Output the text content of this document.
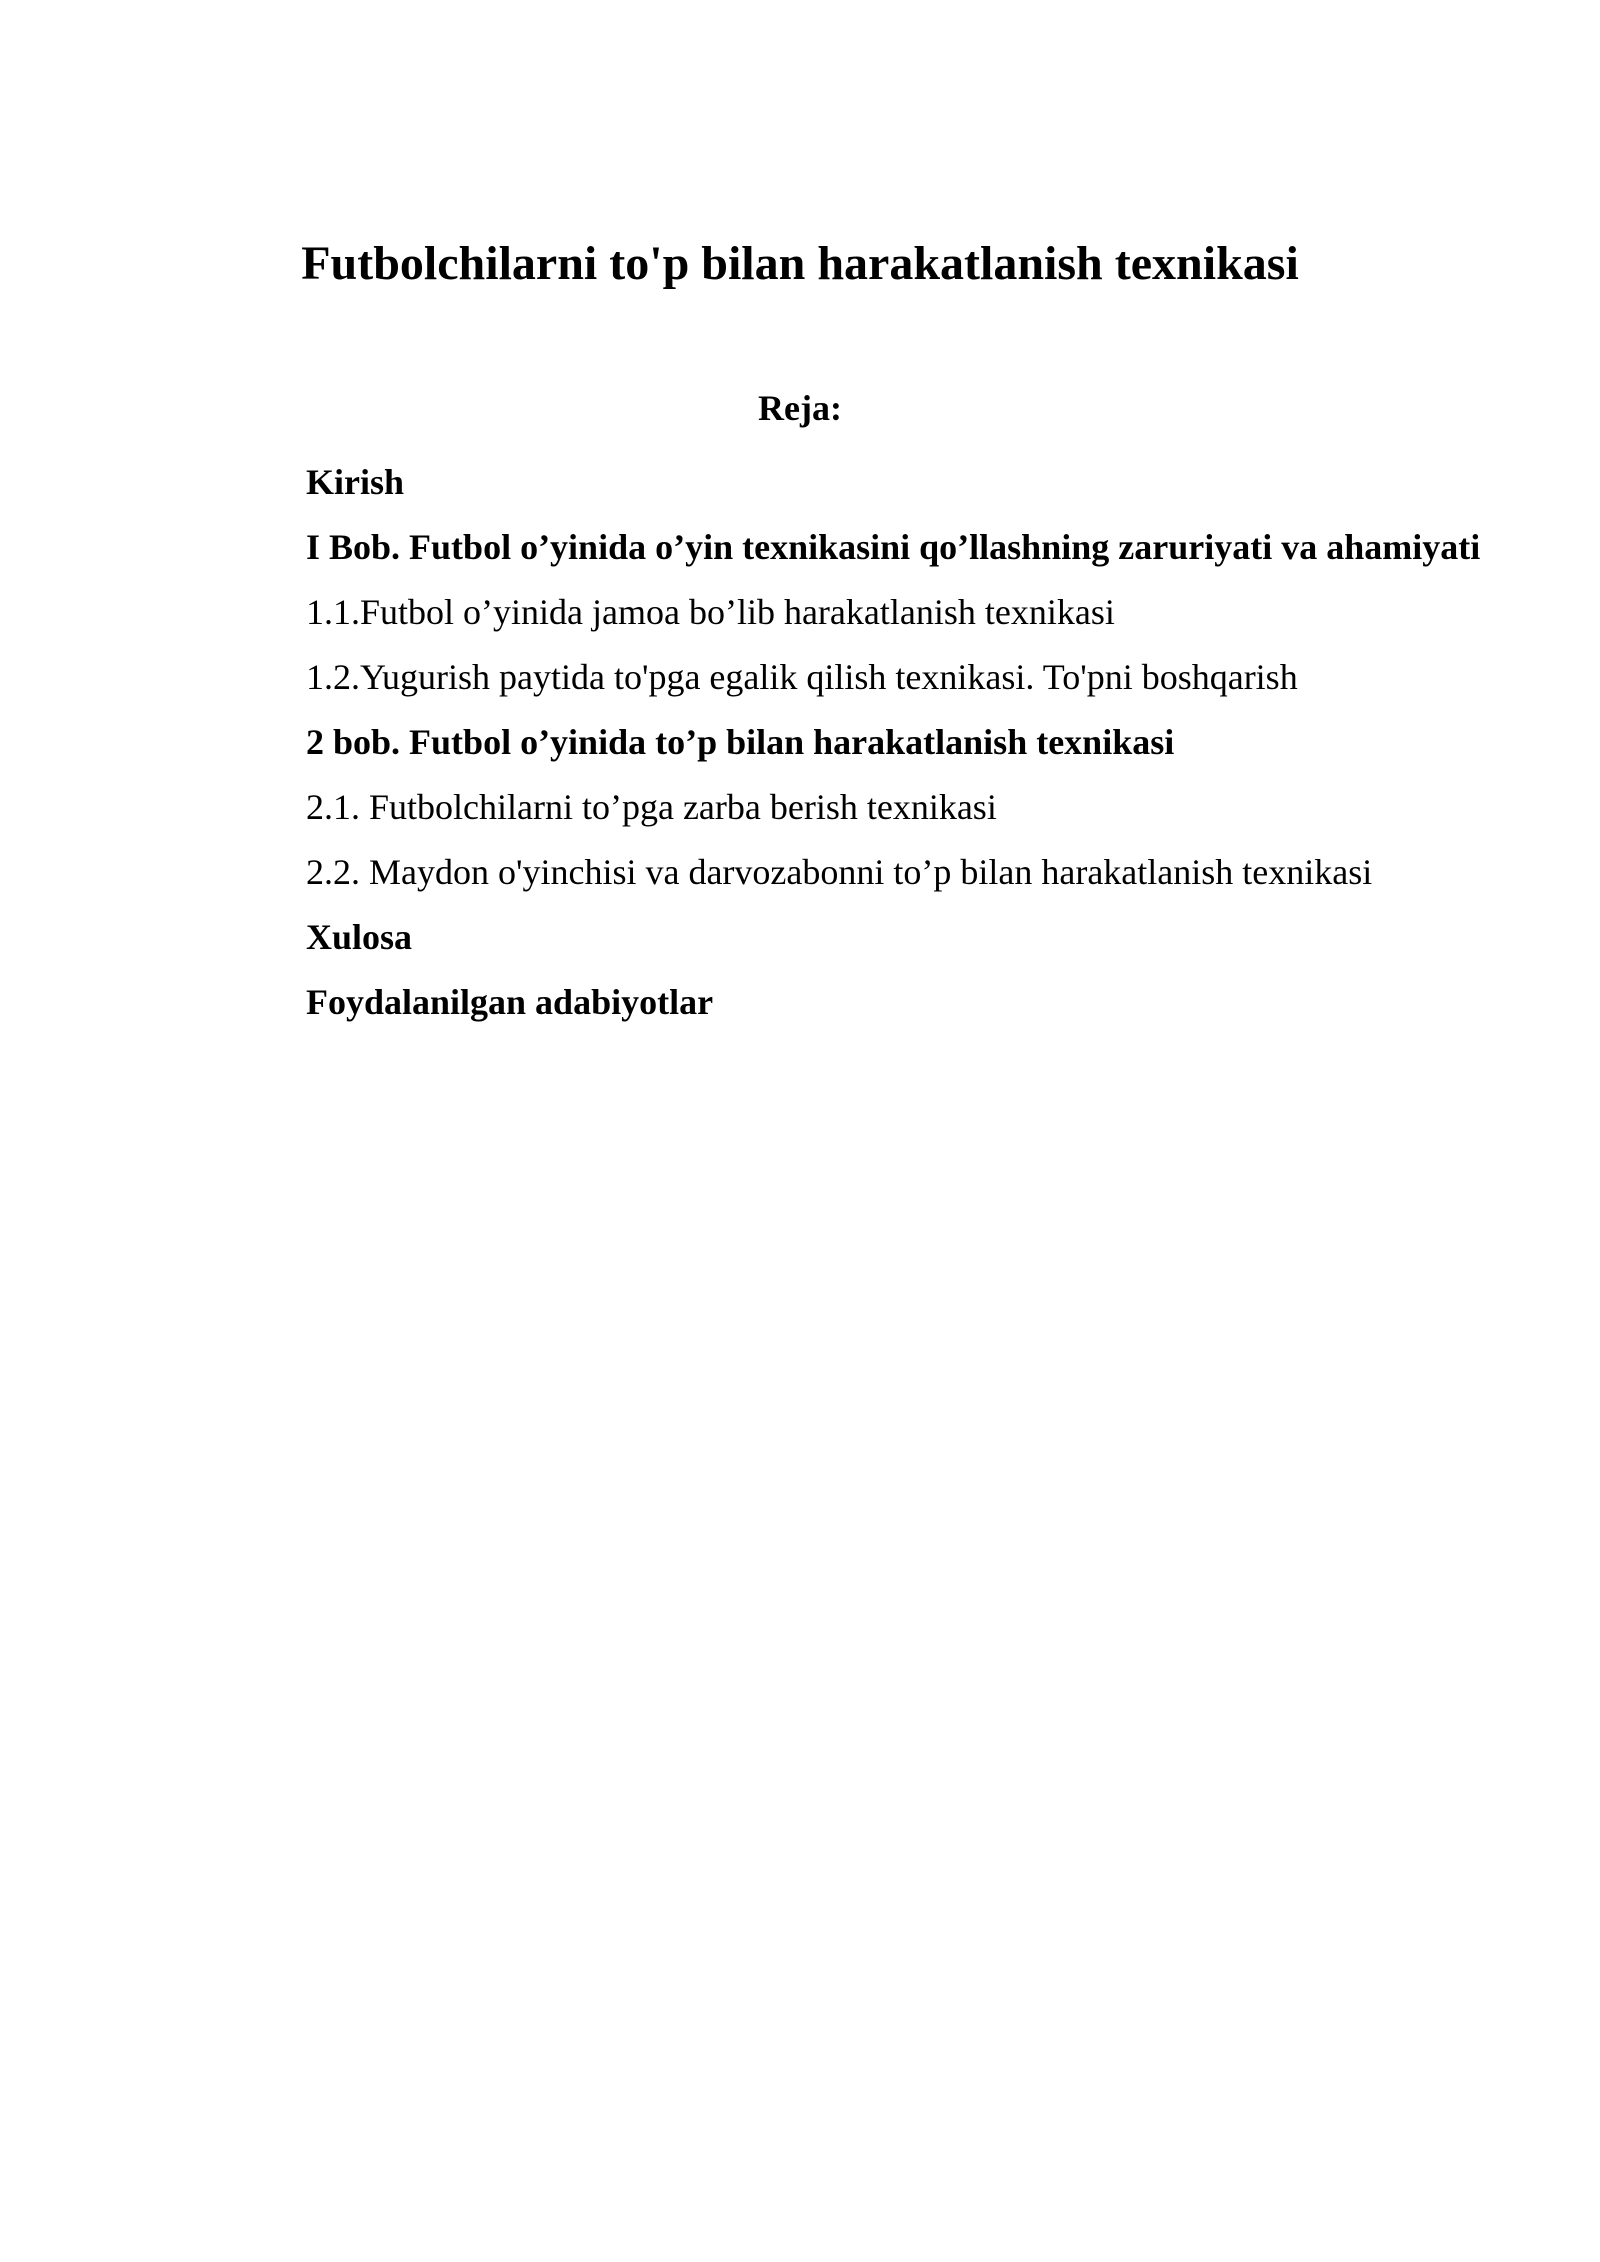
Futbolchilarni to'p bilan harakatlanish texnikasi
Reja:
Kirish
I Bob. Futbol o’yinida o’yin texnikasini qo’llashning zaruriyati va ahamiyati
1.1.Futbol o’yinida jamoa bo’lib harakatlanish texnikasi
1.2.Yugurish paytida to'pga egalik qilish texnikasi. To'pni boshqarish
2 bob. Futbol o’yinida to’p bilan harakatlanish texnikasi
2.1. Futbolchilarni to’pga zarba berish texnikasi
2.2. Maydon o'yinchisi va darvozabonni to’p bilan harakatlanish texnikasi
Xulosa
Foydalanilgan adabiyotlar
